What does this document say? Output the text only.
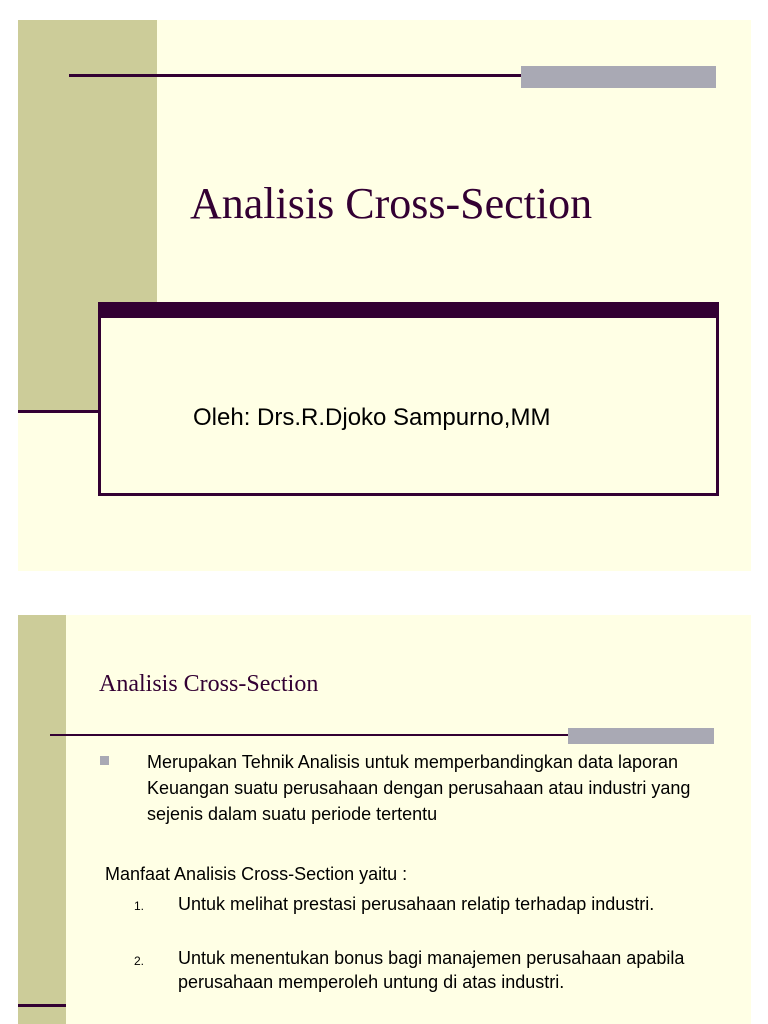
Analisis Cross-Section
Oleh: Drs.R.Djoko Sampurno,MM
Analisis Cross-Section

Merupakan Tehnik Analisis untuk memperbandingkan data laporan Keuangan suatu perusahaan dengan perusahaan atau industri yang sejenis dalam suatu periode tertentu

Manfaat Analisis Cross-Section yaitu :
1. Untuk melihat prestasi perusahaan relatip terhadap industri.

2. Untuk menentukan bonus bagi manajemen perusahaan apabila perusahaan memperoleh untung di atas industri.
